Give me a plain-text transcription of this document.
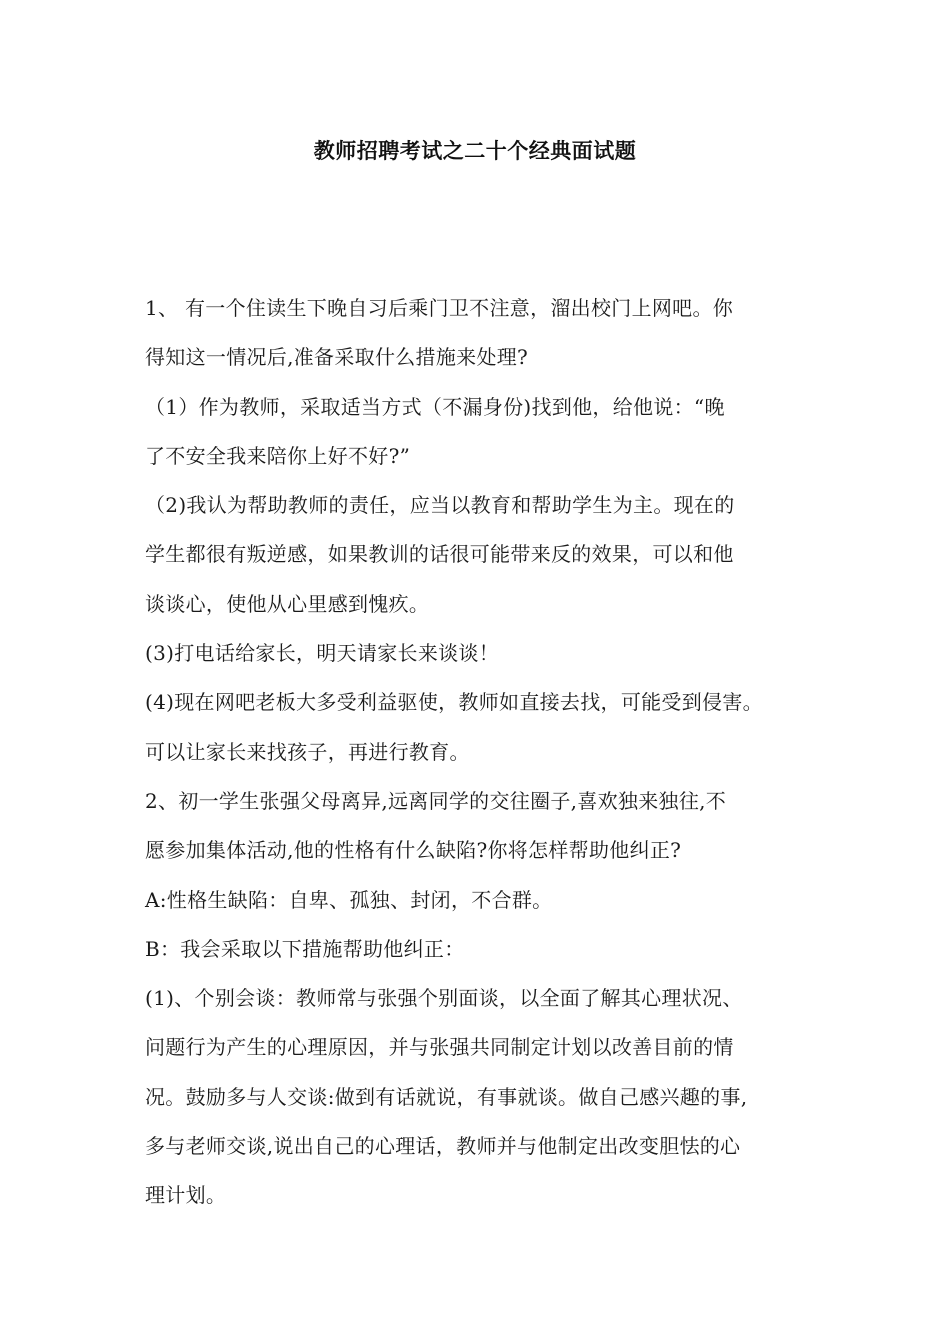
教师招聘考试之二十个经典面试题
1、 有一个住读生下晚自习后乘门卫不注意，溜出校门上网吧。你
得知这一情况后,准备采取什么措施来处理?
（1）作为教师，采取适当方式（不漏身份)找到他，给他说：“晚
了不安全我来陪你上好不好?”
（2)我认为帮助教师的责任，应当以教育和帮助学生为主。现在的
学生都很有叛逆感，如果教训的话很可能带来反的效果，可以和他
谈谈心，使他从心里感到愧疚。
(3)打电话给家长，明天请家长来谈谈！
(4)现在网吧老板大多受利益驱使，教师如直接去找，可能受到侵害。
可以让家长来找孩子，再进行教育。
2、初一学生张强父母离异,远离同学的交往圈子,喜欢独来独往,不
愿参加集体活动,他的性格有什么缺陷?你将怎样帮助他纠正?
A:性格生缺陷：自卑、孤独、封闭，不合群。
B：我会采取以下措施帮助他纠正：
(1)、个别会谈：教师常与张强个别面谈，以全面了解其心理状况、
问题行为产生的心理原因，并与张强共同制定计划以改善目前的情
况。鼓励多与人交谈:做到有话就说，有事就谈。做自己感兴趣的事,
多与老师交谈,说出自己的心理话，教师并与他制定出改变胆怯的心
理计划。
